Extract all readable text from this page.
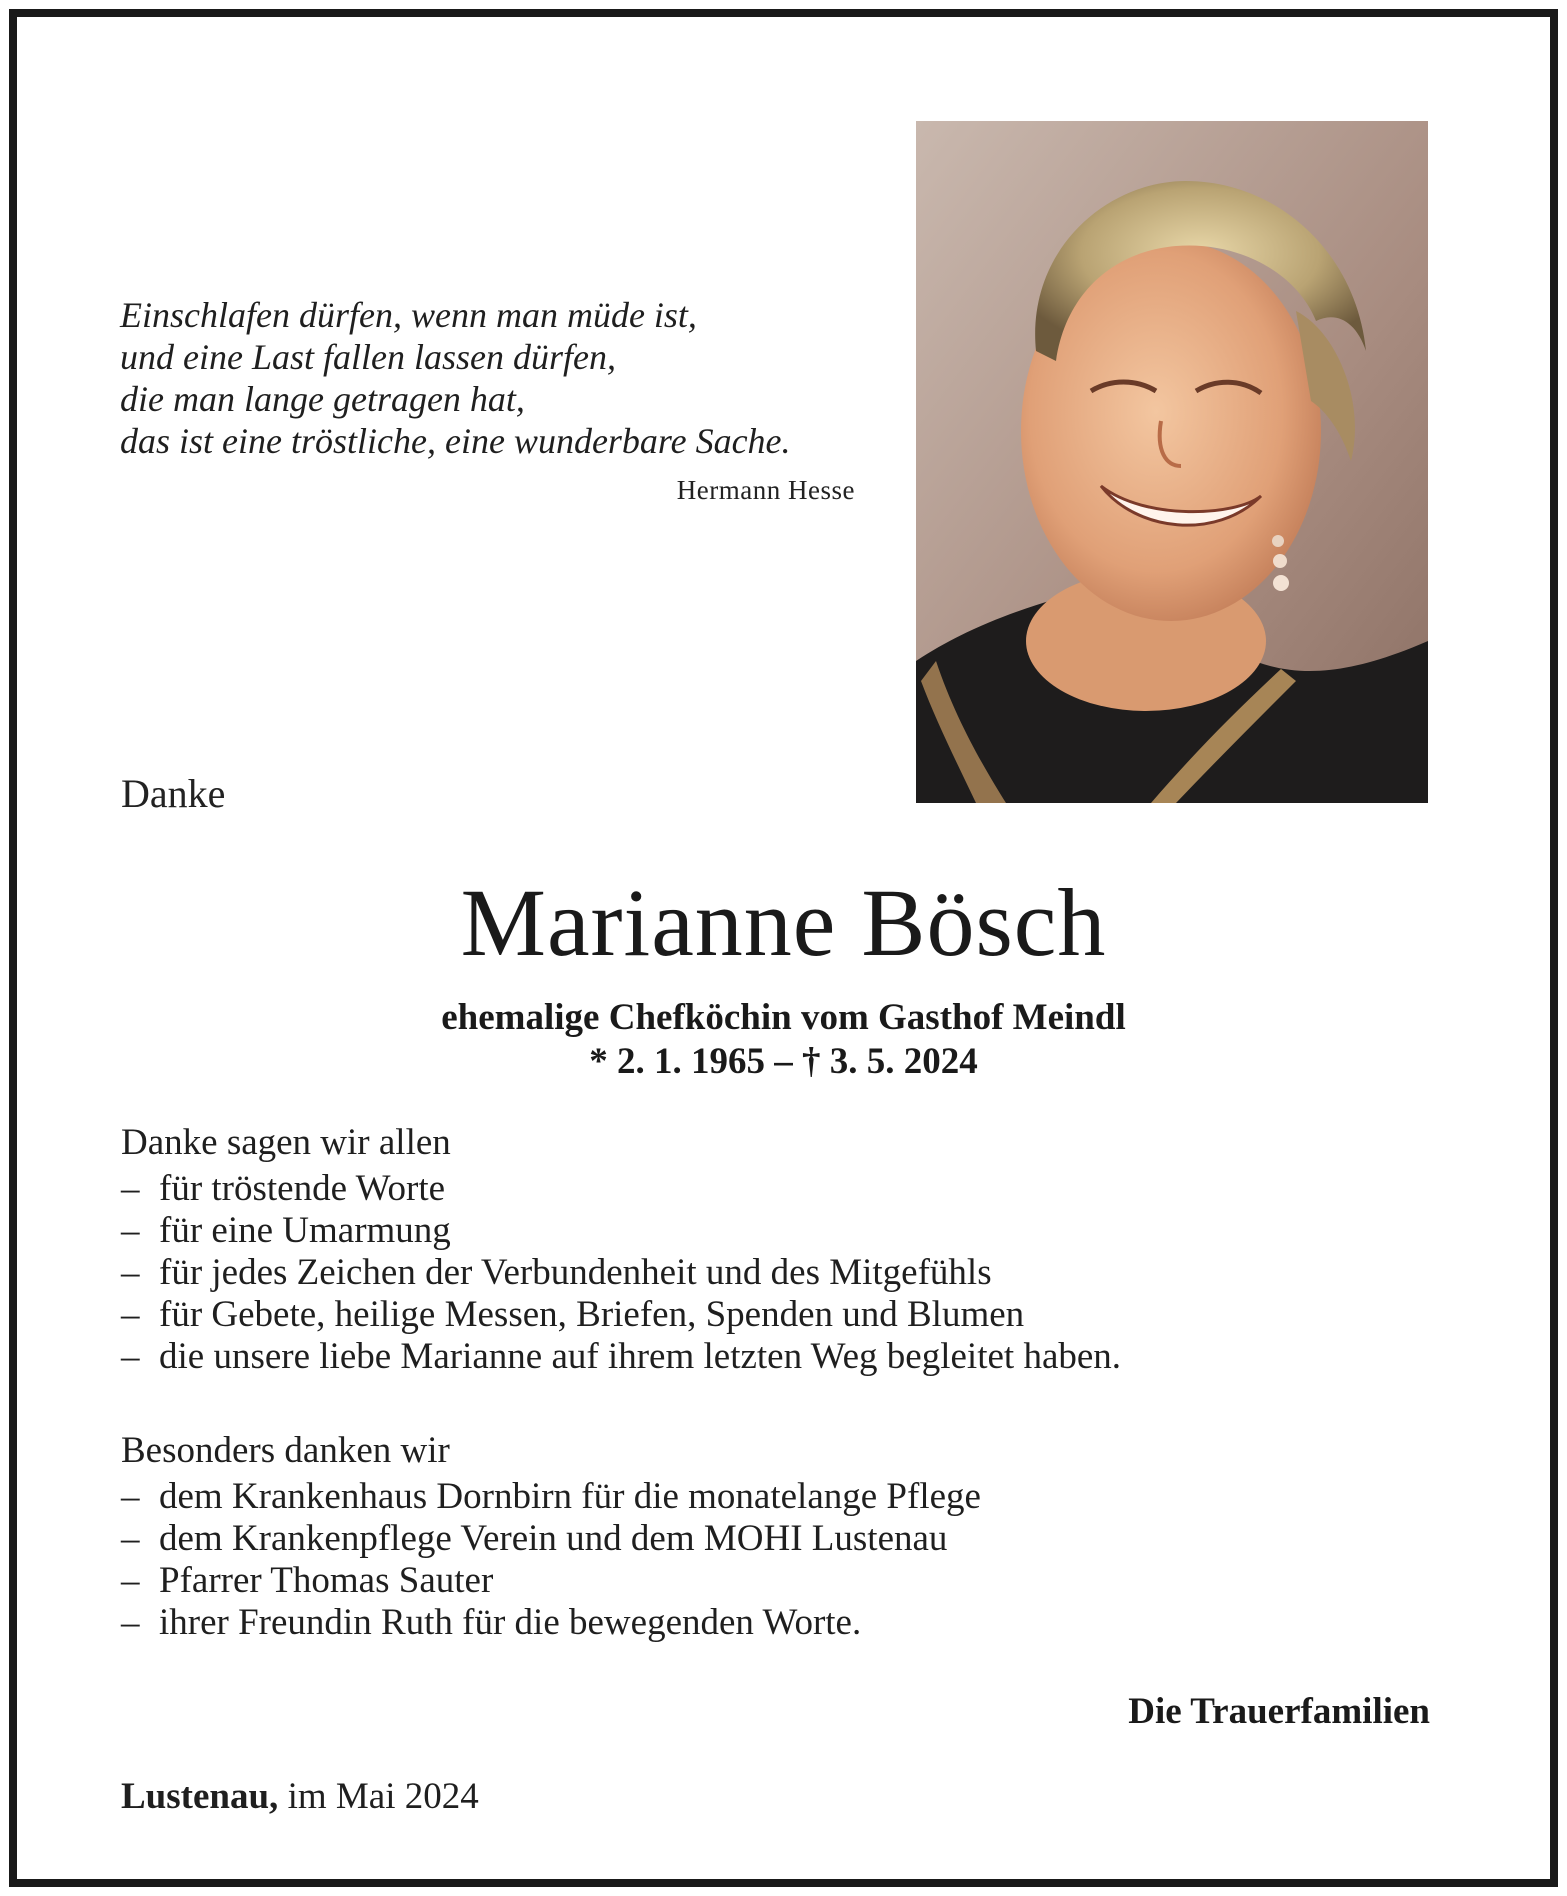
Einschlafen dürfen, wenn man müde ist,
und eine Last fallen lassen dürfen,
die man lange getragen hat,
das ist eine tröstliche, eine wunderbare Sache.
Hermann Hesse
Danke
Marianne Bösch
ehemalige Chefköchin vom Gasthof Meindl
* 2. 1. 1965 – † 3. 5. 2024
Danke sagen wir allen
– für tröstende Worte
– für eine Umarmung
– für jedes Zeichen der Verbundenheit und des Mitgefühls
– für Gebete, heilige Messen, Briefen, Spenden und Blumen
– die unsere liebe Marianne auf ihrem letzten Weg begleitet haben.
Besonders danken wir
– dem Krankenhaus Dornbirn für die monatelange Pflege
– dem Krankenpflege Verein und dem MOHI Lustenau
– Pfarrer Thomas Sauter
– ihrer Freundin Ruth für die bewegenden Worte.
Die Trauerfamilien
Lustenau, im Mai 2024
